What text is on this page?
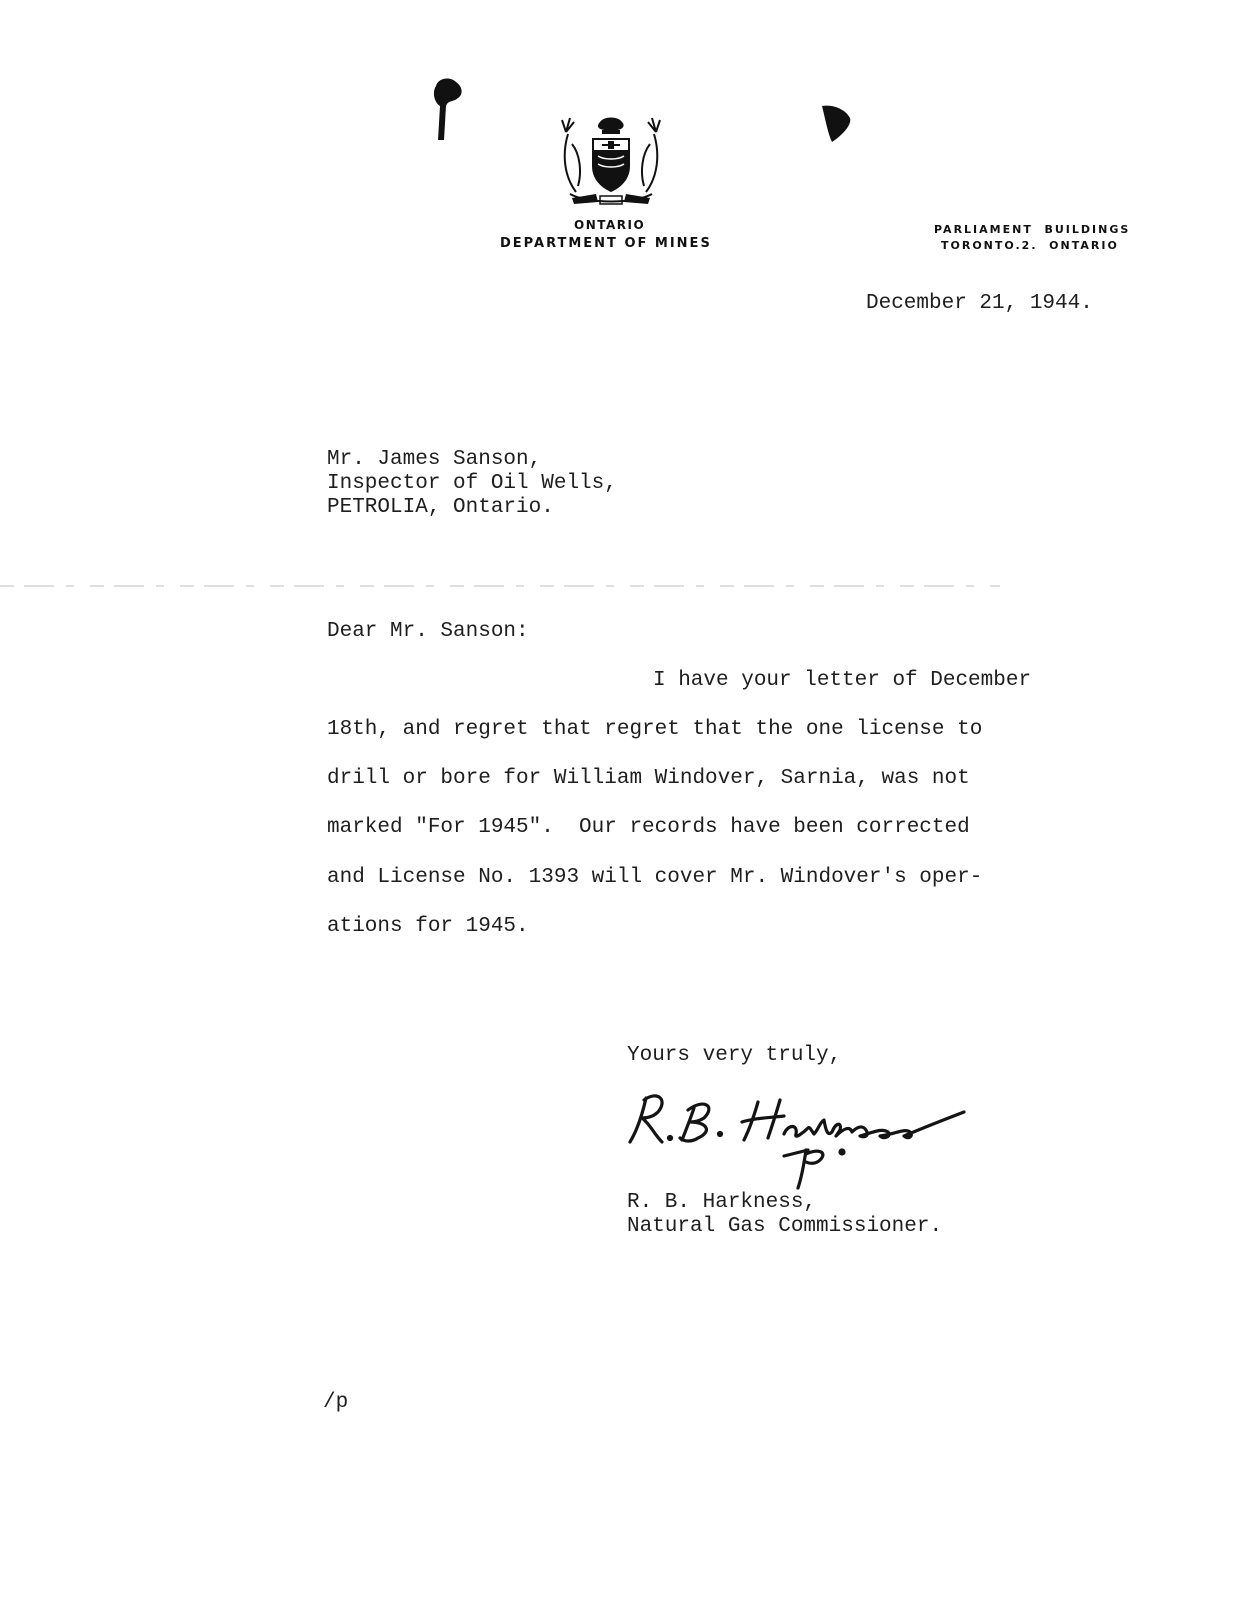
ONTARIO
DEPARTMENT OF MINES
PARLIAMENT  BUILDINGS
TORONTO.2.  ONTARIO
December 21, 1944.
Mr. James Sanson,
Inspector of Oil Wells,
PETROLIA, Ontario.
Dear Mr. Sanson:
I have your letter of December
18th, and regret that regret that the one license to
drill or bore for William Windover, Sarnia, was not
marked "For 1945".  Our records have been corrected
and License No. 1393 will cover Mr. Windover's oper-
ations for 1945.
Yours very truly,
R. B. Harkness,
Natural Gas Commissioner.
/p
